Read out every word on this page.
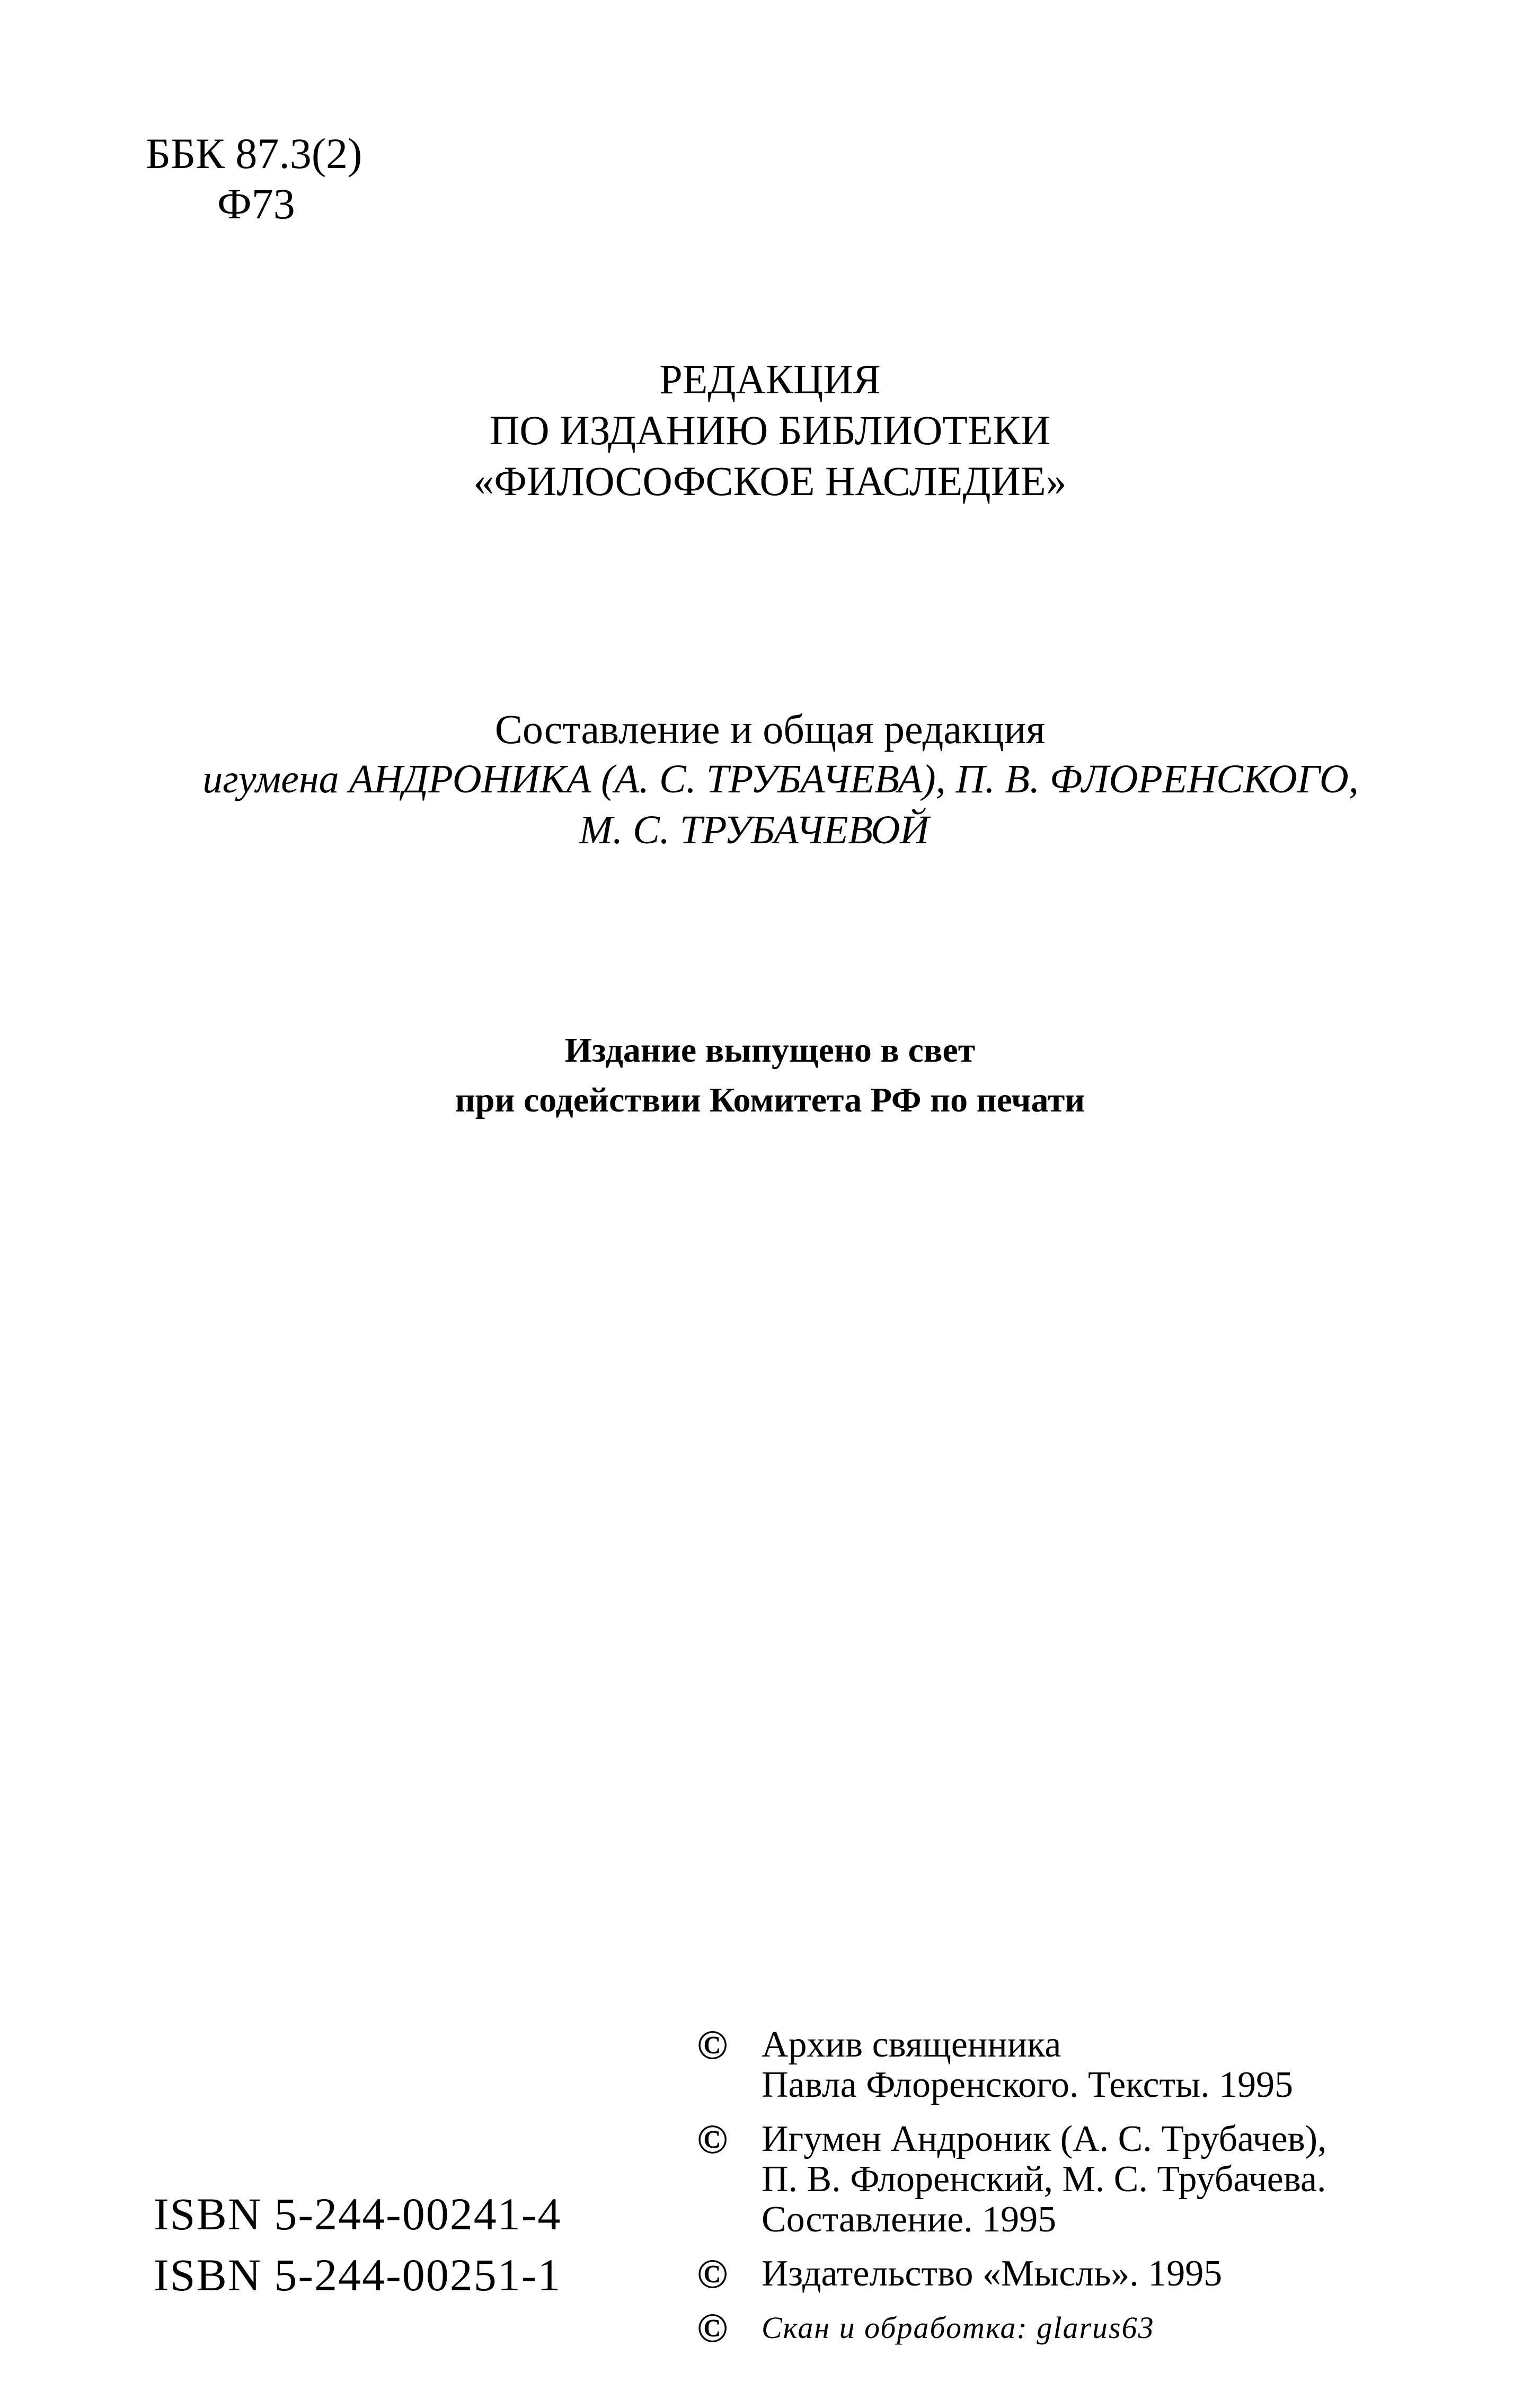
ББК 87.3(2)
Ф73
РЕДАКЦИЯ
ПО ИЗДАНИЮ БИБЛИОТЕКИ
«ФИЛОСОФСКОЕ НАСЛЕДИЕ»
Составление и общая редакция
игумена АНДРОНИКА (А. С. ТРУБАЧЕВА), П. В. ФЛОРЕНСКОГО,
М. С. ТРУБАЧЕВОЙ
Издание выпущено в свет
при содействии Комитета РФ по печати
ISBN 5-244-00241-4
ISBN 5-244-00251-1
© Архив священника
Павла Флоренского. Тексты. 1995
© Игумен Андроник (А. С. Трубачев),
П. В. Флоренский, М. С. Трубачева.
Составление. 1995
© Издательство «Мысль». 1995
© Скан и обработка: glarus63
